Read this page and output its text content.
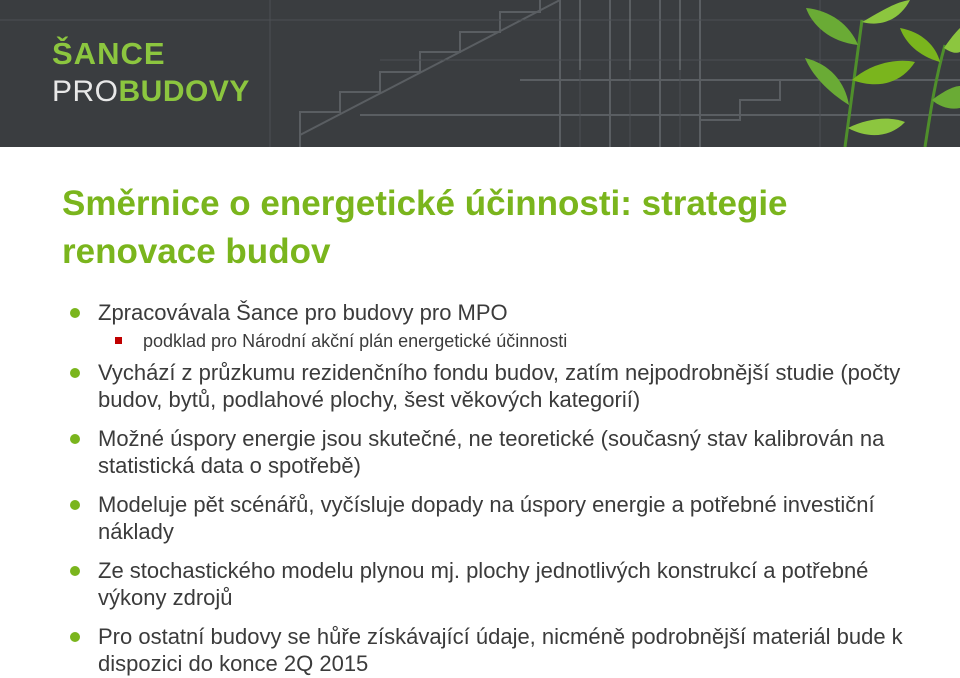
ŠANCE
PROBUDOVY
Směrnice o energetické účinnosti: strategie renovace budov
Zpracovávala Šance pro budovy pro MPO
podklad pro Národní akční plán energetické účinnosti
Vychází z průzkumu rezidenčního fondu budov, zatím nejpodrobnější studie (počty budov, bytů, podlahové plochy, šest věkových kategorií)
Možné úspory energie jsou skutečné, ne teoretické (současný stav kalibrován na statistická data o spotřebě)
Modeluje pět scénářů, vyčísluje dopady na úspory energie a potřebné investiční náklady
Ze stochastického modelu plynou mj. plochy jednotlivých konstrukcí a potřebné výkony zdrojů
Pro ostatní budovy se hůře získávající údaje, nicméně podrobnější materiál bude k dispozici do konce 2Q 2015
